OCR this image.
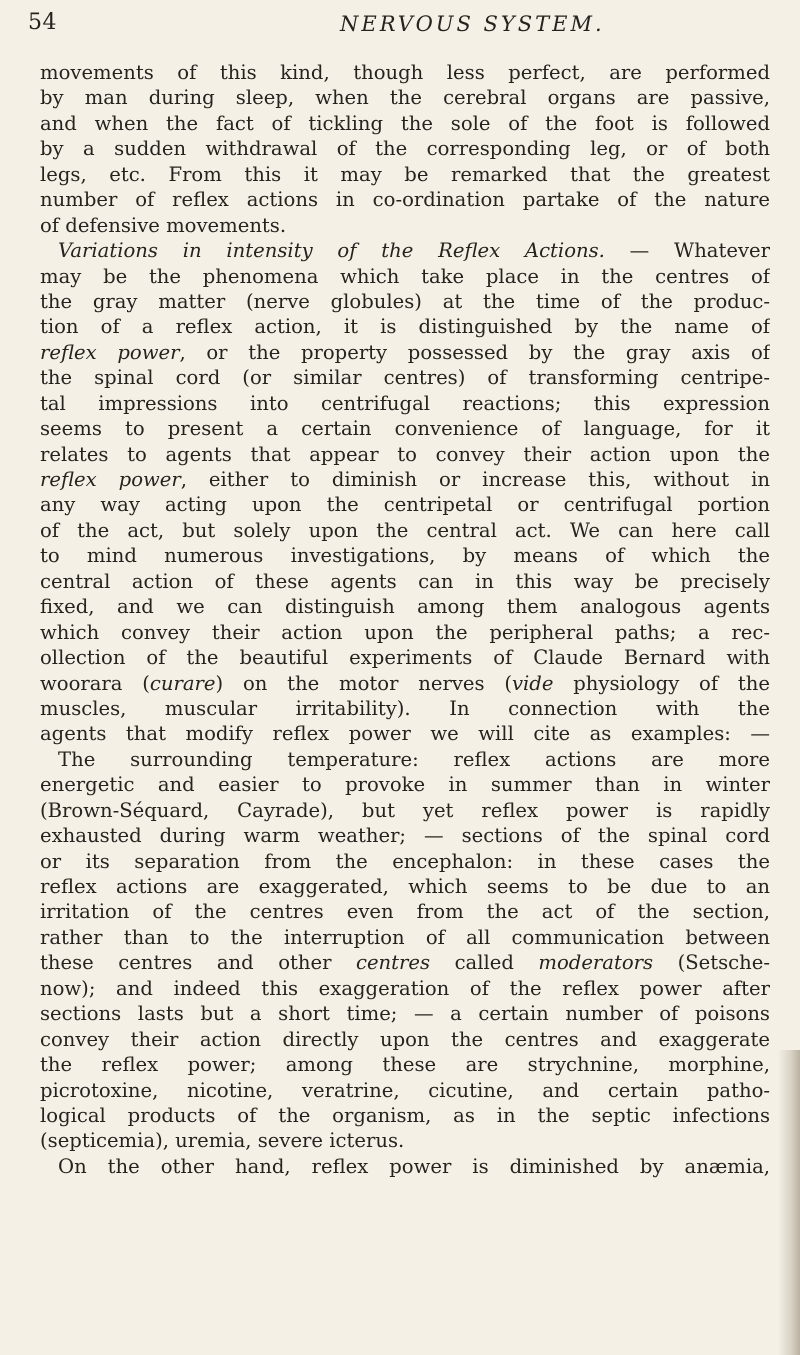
54	NERVOUS SYSTEM.
movements of this kind, though less perfect, are performed
by man during sleep, when the cerebral organs are passive,
and when the fact of tickling the sole of the foot is followed
by a sudden withdrawal of the corresponding leg, or of both
legs, etc. From this it may be remarked that the greatest
number of reflex actions in co-ordination partake of the nature
of defensive movements.
Variations in intensity of the Reflex Actions. — Whatever
may be the phenomena which take place in the centres of
the gray matter (nerve globules) at the time of the produc-
tion of a reflex action, it is distinguished by the name of
reflex power, or the property possessed by the gray axis of
the spinal cord (or similar centres) of transforming centripe-
tal impressions into centrifugal reactions; this expression
seems to present a certain convenience of language, for it
relates to agents that appear to convey their action upon the
reflex power, either to diminish or increase this, without in
any way acting upon the centripetal or centrifugal portion
of the act, but solely upon the central act. We can here call
to mind numerous investigations, by means of which the
central action of these agents can in this way be precisely
fixed, and we can distinguish among them analogous agents
which convey their action upon the peripheral paths; a rec-
ollection of the beautiful experiments of Claude Bernard with
woorara (curare) on the motor nerves (vide physiology of the
muscles, muscular irritability). In connection with the
agents that modify reflex power we will cite as examples: —
The surrounding temperature: reflex actions are more
energetic and easier to provoke in summer than in winter
(Brown-Séquard, Cayrade), but yet reflex power is rapidly
exhausted during warm weather; — sections of the spinal cord
or its separation from the encephalon: in these cases the
reflex actions are exaggerated, which seems to be due to an
irritation of the centres even from the act of the section,
rather than to the interruption of all communication between
these centres and other centres called moderators (Setsche-
now); and indeed this exaggeration of the reflex power after
sections lasts but a short time; — a certain number of poisons
convey their action directly upon the centres and exaggerate
the reflex power; among these are strychnine, morphine,
picrotoxine, nicotine, veratrine, cicutine, and certain patho-
logical products of the organism, as in the septic infections
(septicemia), uremia, severe icterus.
On the other hand, reflex power is diminished by anæmia,
